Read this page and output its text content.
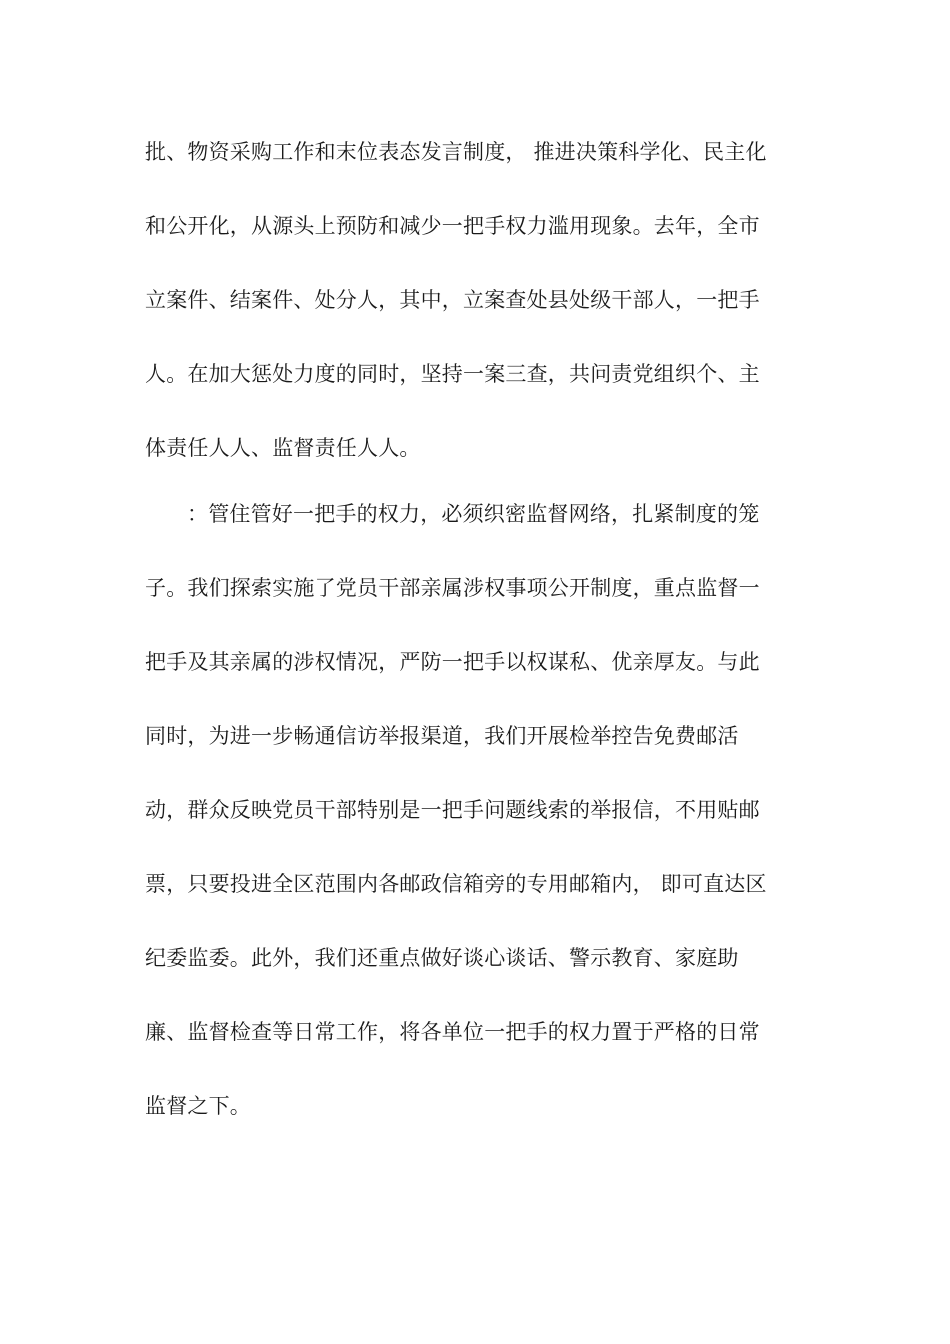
批、物资采购工作和末位表态发言制度， 推进决策科学化、民主化
和公开化，从源头上预防和减少一把手权力滥用现象。去年，全市
立案件、结案件、处分人，其中，立案查处县处级干部人，一把手
人。在加大惩处力度的同时，坚持一案三查，共问责党组织个、主
体责任人人、监督责任人人。
：管住管好一把手的权力，必须织密监督网络，扎紧制度的笼
子。我们探索实施了党员干部亲属涉权事项公开制度，重点监督一
把手及其亲属的涉权情况，严防一把手以权谋私、优亲厚友。与此
同时，为进一步畅通信访举报渠道，我们开展检举控告免费邮活
动，群众反映党员干部特别是一把手问题线索的举报信，不用贴邮
票，只要投进全区范围内各邮政信箱旁的专用邮箱内， 即可直达区
纪委监委。此外，我们还重点做好谈心谈话、警示教育、家庭助
廉、监督检查等日常工作，将各单位一把手的权力置于严格的日常
监督之下。
